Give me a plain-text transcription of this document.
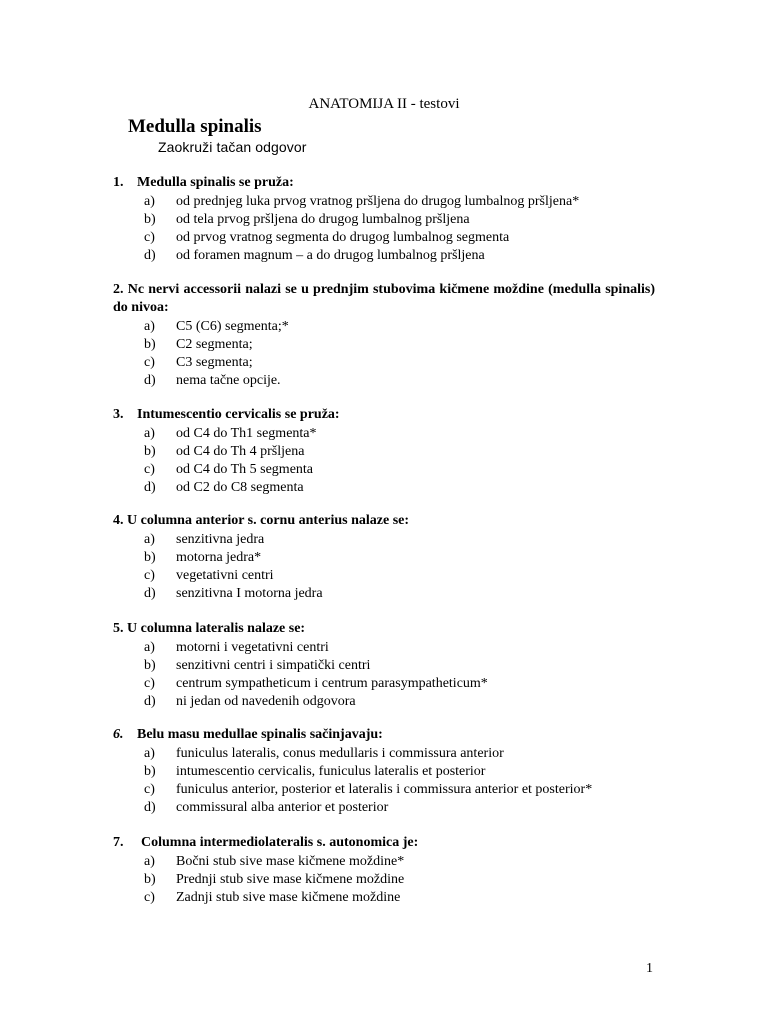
ANATOMIJA II - testovi
Medulla spinalis
Zaokruži tačan odgovor
1. Medulla spinalis se pruža:
a)	od prednjeg luka prvog vratnog pršljena do drugog lumbalnog pršljena*
b)	od tela prvog pršljena do drugog lumbalnog pršljena
c)	od prvog vratnog segmenta do drugog lumbalnog segmenta
d)	od foramen magnum – a do drugog lumbalnog pršljena
2. Nc nervi accessorii nalazi se u prednjim stubovima kičmene moždine (medulla spinalis) do nivoa:
a)	C5 (C6) segmenta;*
b)	C2 segmenta;
c)	C3 segmenta;
d)	nema tačne opcije.
3. Intumescentio cervicalis se pruža:
a)	od C4 do Th1 segmenta*
b)	od C4 do Th 4 pršljena
c)	od C4 do Th 5 segmenta
d)	od C2 do C8 segmenta
4. U columna anterior s. cornu anterius nalaze se:
a)	senzitivna jedra
b)	motorna jedra*
c)	vegetativni centri
d)	senzitivna I motorna jedra
5. U columna lateralis nalaze se:
a)	motorni i vegetativni centri
b)	senzitivni centri i simpatički centri
c)	centrum sympatheticum i centrum parasympatheticum*
d)	ni jedan od navedenih odgovora
6. Belu masu medullae spinalis sačinjavaju:
a)	funiculus lateralis, conus medullaris i commissura anterior
b)	intumescentio cervicalis, funiculus lateralis et posterior
c)	funiculus anterior, posterior et lateralis i commissura anterior et posterior*
d)	commissural alba anterior et posterior
7. Columna intermediolateralis s. autonomica je:
a)	Bočni stub sive mase kičmene moždine*
b)	Prednji stub sive mase kičmene moždine
c)	Zadnji stub sive mase kičmene moždine
1
